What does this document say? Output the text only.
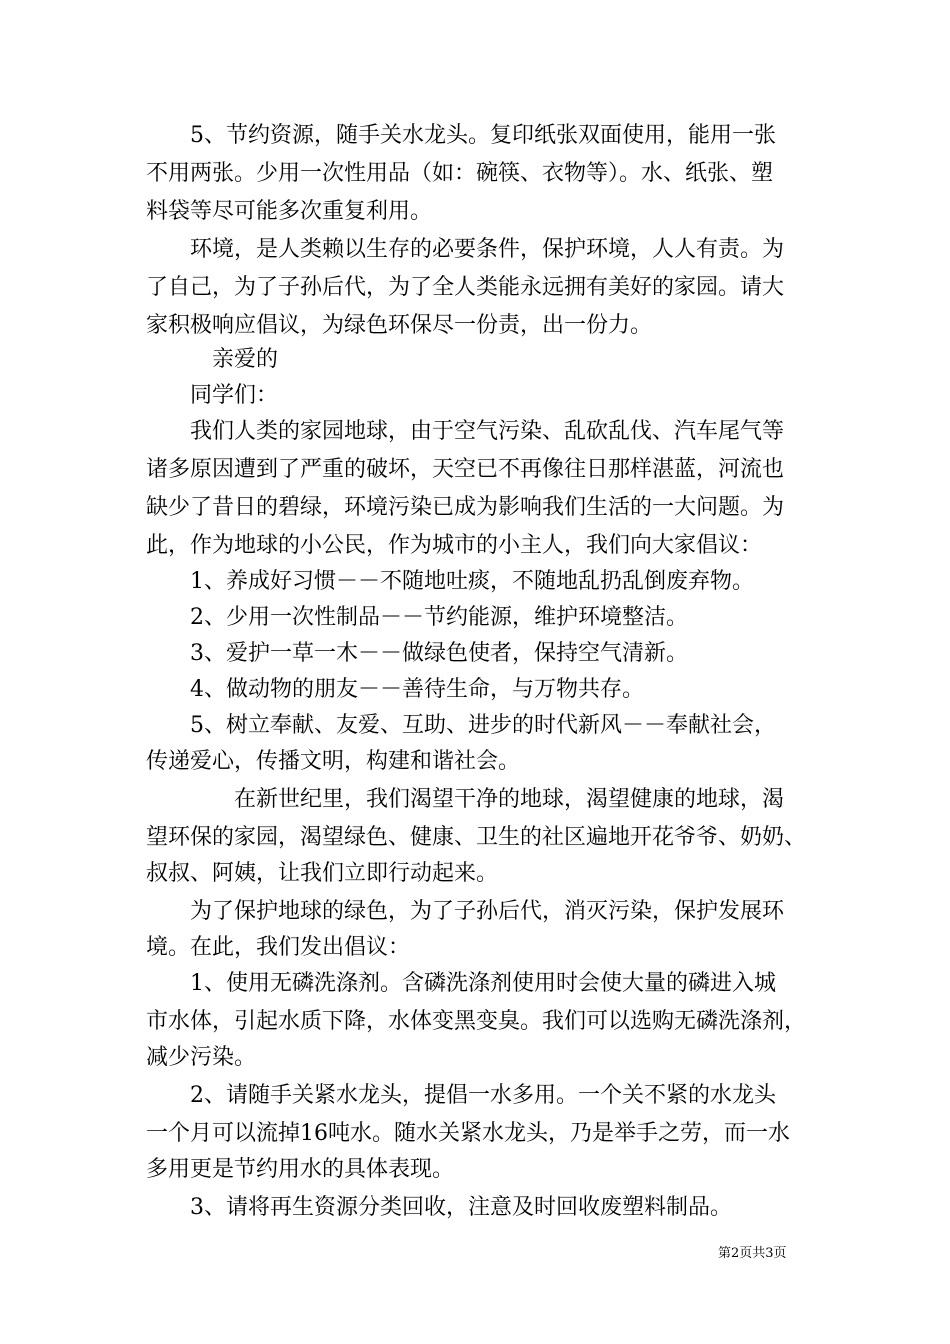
　　5、节约资源，随手关水龙头。复印纸张双面使用，能用一张
不用两张。少用一次性用品（如：碗筷、衣物等）。水、纸张、塑
料袋等尽可能多次重复利用。
　　环境，是人类赖以生存的必要条件，保护环境，人人有责。为
了自己，为了子孙后代，为了全人类能永远拥有美好的家园。请大
家积极响应倡议，为绿色环保尽一份责，出一份力。
　　　亲爱的
　　同学们：
　　我们人类的家园地球，由于空气污染、乱砍乱伐、汽车尾气等
诸多原因遭到了严重的破坏，天空已不再像往日那样湛蓝，河流也
缺少了昔日的碧绿，环境污染已成为影响我们生活的一大问题。为
此，作为地球的小公民，作为城市的小主人，我们向大家倡议：
　　1、养成好习惯－－不随地吐痰，不随地乱扔乱倒废弃物。
　　2、少用一次性制品－－节约能源，维护环境整洁。
　　3、爱护一草一木－－做绿色使者，保持空气清新。
　　4、做动物的朋友－－善待生命，与万物共存。
　　5、树立奉献、友爱、互助、进步的时代新风－－奉献社会，
传递爱心，传播文明，构建和谐社会。
　　　　在新世纪里，我们渴望干净的地球，渴望健康的地球，渴
望环保的家园，渴望绿色、健康、卫生的社区遍地开花爷爷、奶奶、
叔叔、阿姨，让我们立即行动起来。
　　为了保护地球的绿色，为了子孙后代，消灭污染，保护发展环
境。在此，我们发出倡议：
　　1、使用无磷洗涤剂。含磷洗涤剂使用时会使大量的磷进入城
市水体，引起水质下降，水体变黑变臭。我们可以选购无磷洗涤剂，
减少污染。
　　2、请随手关紧水龙头，提倡一水多用。一个关不紧的水龙头
一个月可以流掉16吨水。随水关紧水龙头，乃是举手之劳，而一水
多用更是节约用水的具体表现。
　　3、请将再生资源分类回收，注意及时回收废塑料制品。
第2页共3页
